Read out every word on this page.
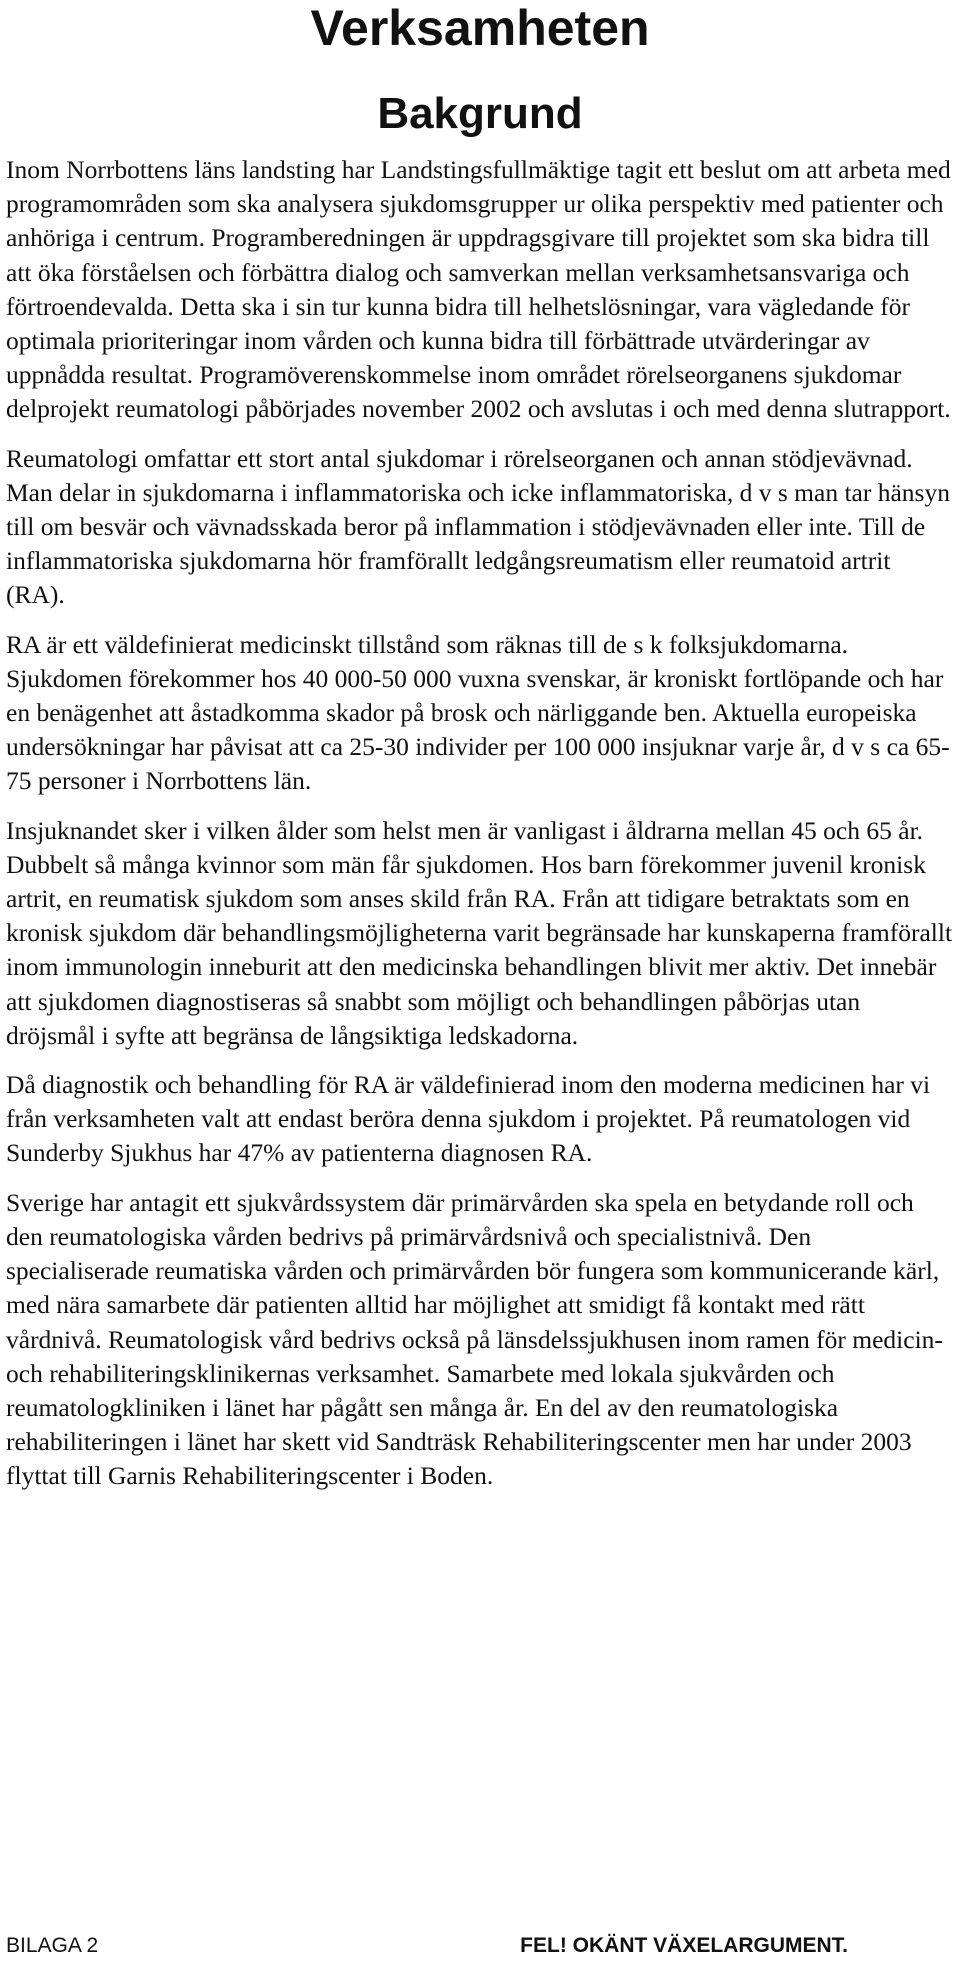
Verksamheten
Bakgrund

Inom Norrbottens läns landsting har Landstingsfullmäktige tagit ett beslut om att arbeta med programområden som ska analysera sjukdomsgrupper ur olika perspektiv med patienter och anhöriga i centrum. Programberedningen är uppdragsgivare till projektet som ska bidra till att öka förståelsen och förbättra dialog och samverkan mellan verksamhetsansvariga och förtroendevalda. Detta ska i sin tur kunna bidra till helhetslösningar, vara vägledande för optimala prioriteringar inom vården och kunna bidra till förbättrade utvärderingar av uppnådda resultat. Programöverenskommelse inom området rörelseorganens sjukdomar delprojekt reumatologi påbörjades november 2002 och avslutas i och med denna slutrapport.

Reumatologi omfattar ett stort antal sjukdomar i rörelseorganen och annan stödjevävnad. Man delar in sjukdomarna i inflammatoriska och icke inflammatoriska, d v s man tar hänsyn till om besvär och vävnadsskada beror på inflammation i stödjevävnaden eller inte. Till de inflammatoriska sjukdomarna hör framförallt ledgångsreumatism eller reumatoid artrit (RA).

RA är ett väldefinierat medicinskt tillstånd som räknas till de s k folksjukdomarna. Sjukdomen förekommer hos 40 000-50 000 vuxna svenskar, är kroniskt fortlöpande och har en benägenhet att åstadkomma skador på brosk och närliggande ben. Aktuella europeiska undersökningar har påvisat att ca 25-30 individer per 100 000 insjuknar varje år, d v s ca 65-75 personer i Norrbottens län.

Insjuknandet sker i vilken ålder som helst men är vanligast i åldrarna mellan 45 och 65 år. Dubbelt så många kvinnor som män får sjukdomen. Hos barn förekommer juvenil kronisk artrit, en reumatisk sjukdom som anses skild från RA. Från att tidigare betraktats som en kronisk sjukdom där behandlingsmöjligheterna varit begränsade har kunskaperna framförallt inom immunologin inneburit att den medicinska behandlingen blivit mer aktiv. Det innebär att sjukdomen diagnostiseras så snabbt som möjligt och behandlingen påbörjas utan dröjsmål i syfte att begränsa de långsiktiga ledskadorna.

Då diagnostik och behandling för RA är väldefinierad inom den moderna medicinen har vi från verksamheten valt att endast beröra denna sjukdom i projektet. På reumatologen vid Sunderby Sjukhus har 47% av patienterna diagnosen RA.

Sverige har antagit ett sjukvårdssystem där primärvården ska spela en betydande roll och den reumatologiska vården bedrivs på primärvårdsnivå och specialistnivå. Den specialiserade reumatiska vården och primärvården bör fungera som kommunicerande kärl, med nära samarbete där patienten alltid har möjlighet att smidigt få kontakt med rätt vårdnivå. Reumatologisk vård bedrivs också på länsdelssjukhusen inom ramen för medicin- och rehabiliteringsklinikernas verksamhet. Samarbete med lokala sjukvården och reumatologkliniken i länet har pågått sen många år. En del av den reumatologiska rehabiliteringen i länet har skett vid Sandträsk Rehabiliteringscenter men har under 2003 flyttat till Garnis Rehabiliteringscenter i Boden.

BILAGA 2	FEL! OKÄNT VÄXELARGUMENT.
